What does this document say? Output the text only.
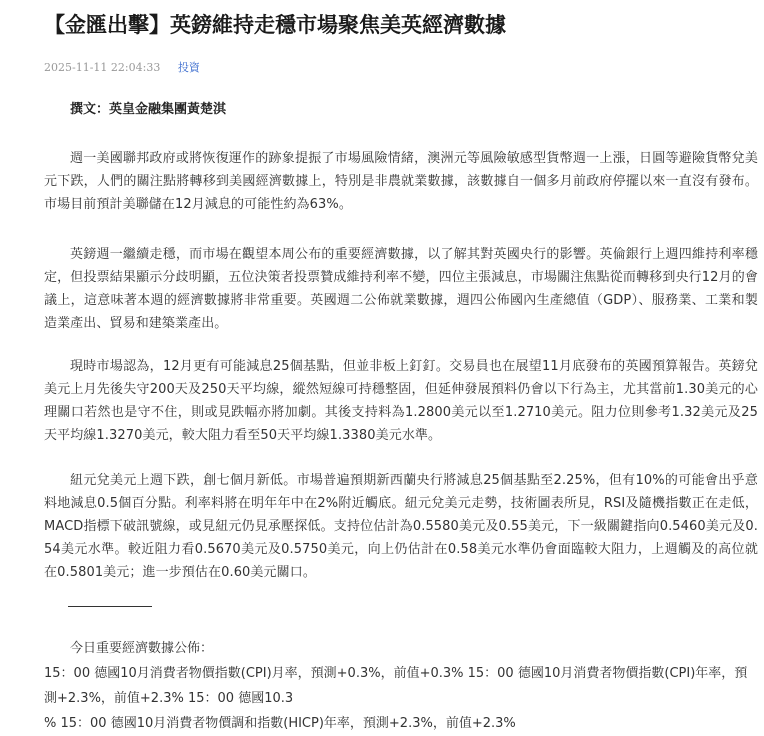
【金匯出擊】英鎊維持走穩市場聚焦美英經濟數據
2025-11-11 22:04:33 投資
撰文：英皇金融集團黃楚淇

週一美國聯邦政府或將恢復運作的跡象提振了市場風險情緒，澳洲元等風險敏感型貨幣週一上漲，日圓等避險貨幣兌美元下跌，人們的關注點將轉移到美國經濟數據上，特別是非農就業數據，該數據自一個多月前政府停擺以來一直沒有發布。市場目前預計美聯儲在12月減息的可能性約為63%。

英鎊週一繼續走穩，而市場在觀望本周公布的重要經濟數據，以了解其對英國央行的影響。英倫銀行上週四維持利率穩定，但投票結果顯示分歧明顯，五位決策者投票贊成維持利率不變，四位主張減息，市場關注焦點從而轉移到央行12月的會議上，這意味著本週的經濟數據將非常重要。英國週二公佈就業數據，週四公佈國內生產總值（GDP）、服務業、工業和製造業產出、貿易和建築業產出。

現時市場認為，12月更有可能減息25個基點，但並非板上釘釘。交易員也在展望11月底發布的英國預算報告。英鎊兌美元上月先後失守200天及250天平均線，縱然短線可持穩整固，但延伸發展預料仍會以下行為主，尤其當前1.30美元的心理關口若然也是守不住，則或見跌幅亦將加劇。其後支持料為1.2800美元以至1.2710美元。阻力位則參考1.32美元及25天平均線1.3270美元，較大阻力看至50天平均線1.3380美元水準。

紐元兌美元上週下跌，創七個月新低。市場普遍預期新西蘭央行將減息25個基點至2.25%，但有10%的可能會出乎意料地減息0.5個百分點。利率料將在明年年中在2%附近觸底。紐元兌美元走勢，技術圖表所見，RSI及隨機指數正在走低，MACD指標下破訊號線，或見紐元仍見承壓探低。支持位估計為0.5580美元及0.55美元，下一級關鍵指向0.5460美元及0.54美元水準。較近阻力看0.5670美元及0.5750美元，向上仍估計在0.58美元水準仍會面臨較大阻力，上週觸及的高位就在0.5801美元；進一步預估在0.60美元關口。

今日重要經濟數據公佈：
15：00 德國10月消費者物價指數(CPI)月率，預測+0.3%，前值+0.3% 15：00 德國10月消費者物價指數(CPI)年率，預測+2.3%，前值+2.3% 15：00 德國10.3
% 15：00 德國10月消費者物價調和指數(HICP)年率，預測+2.3%，前值+2.3%
